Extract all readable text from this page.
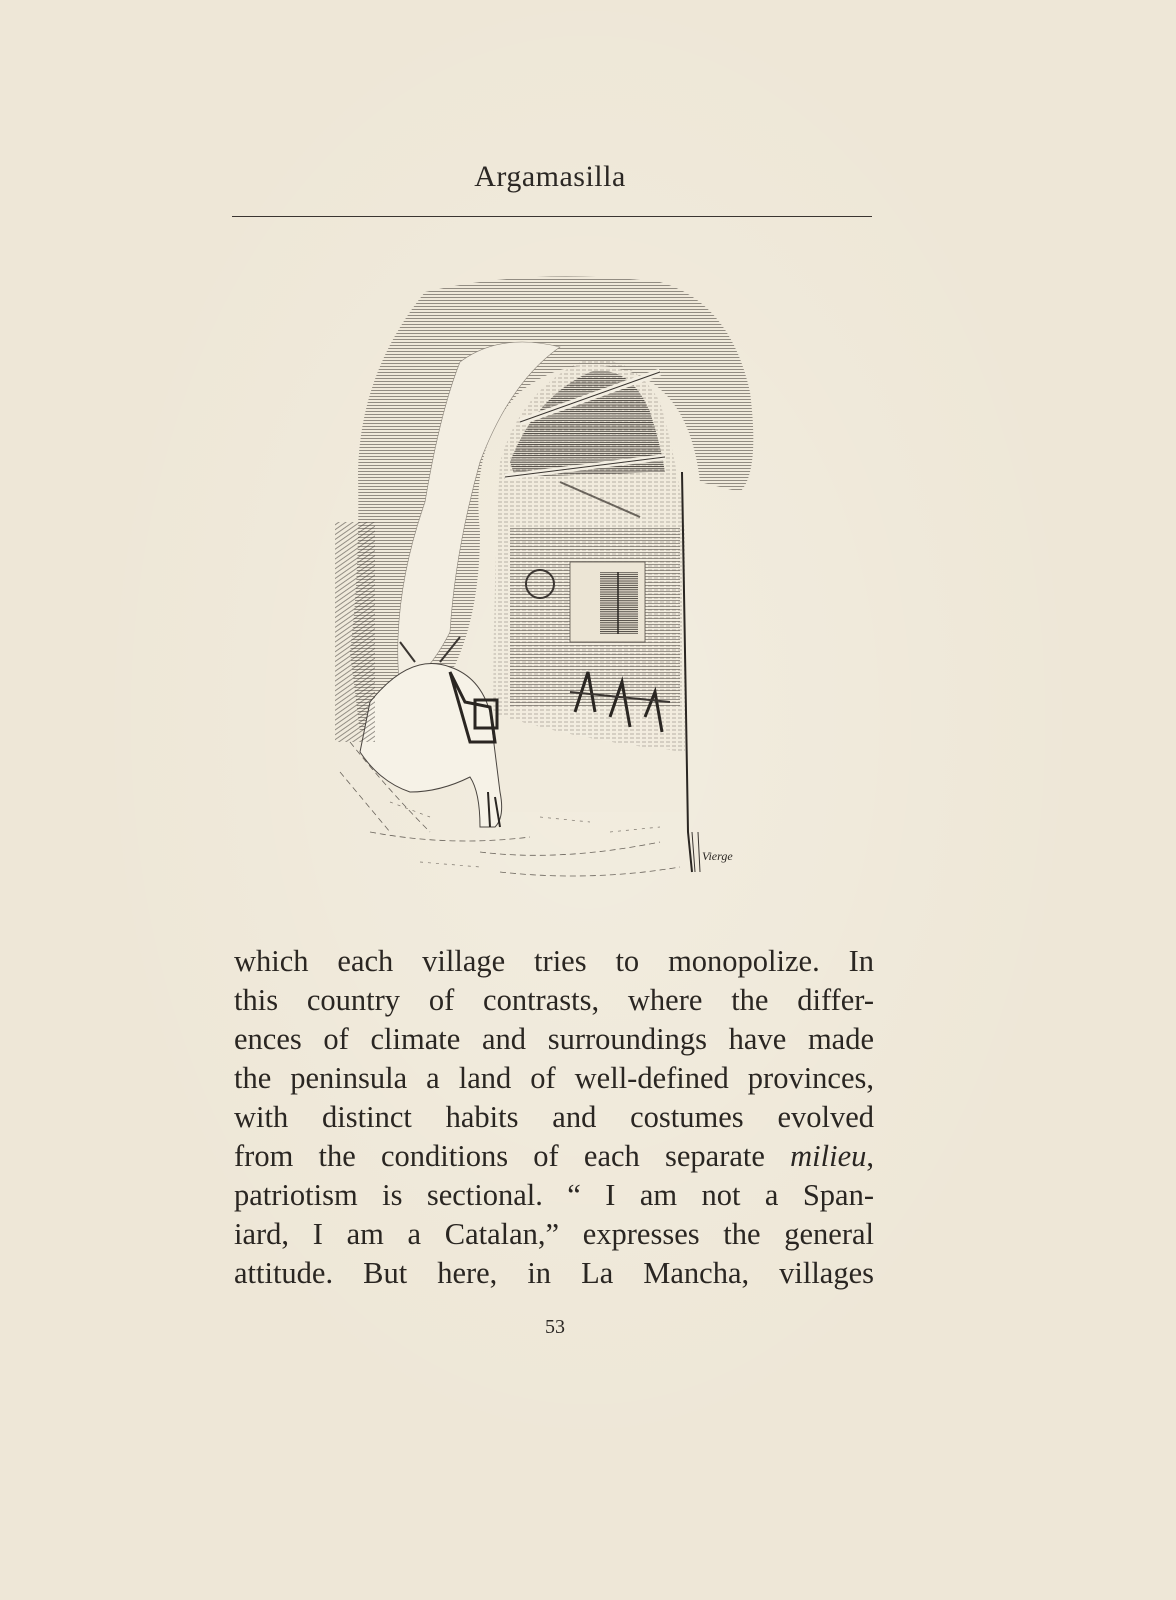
Argamasilla
Vierge
which each village tries to monopolize. In
this country of contrasts, where the differ-
ences of climate and surroundings have made
the peninsula a land of well-defined provinces,
with distinct habits and costumes evolved
from the conditions of each separate milieu,
patriotism is sectional. “ I am not a Span-
iard, I am a Catalan,” expresses the general
attitude. But here, in La Mancha, villages
53
